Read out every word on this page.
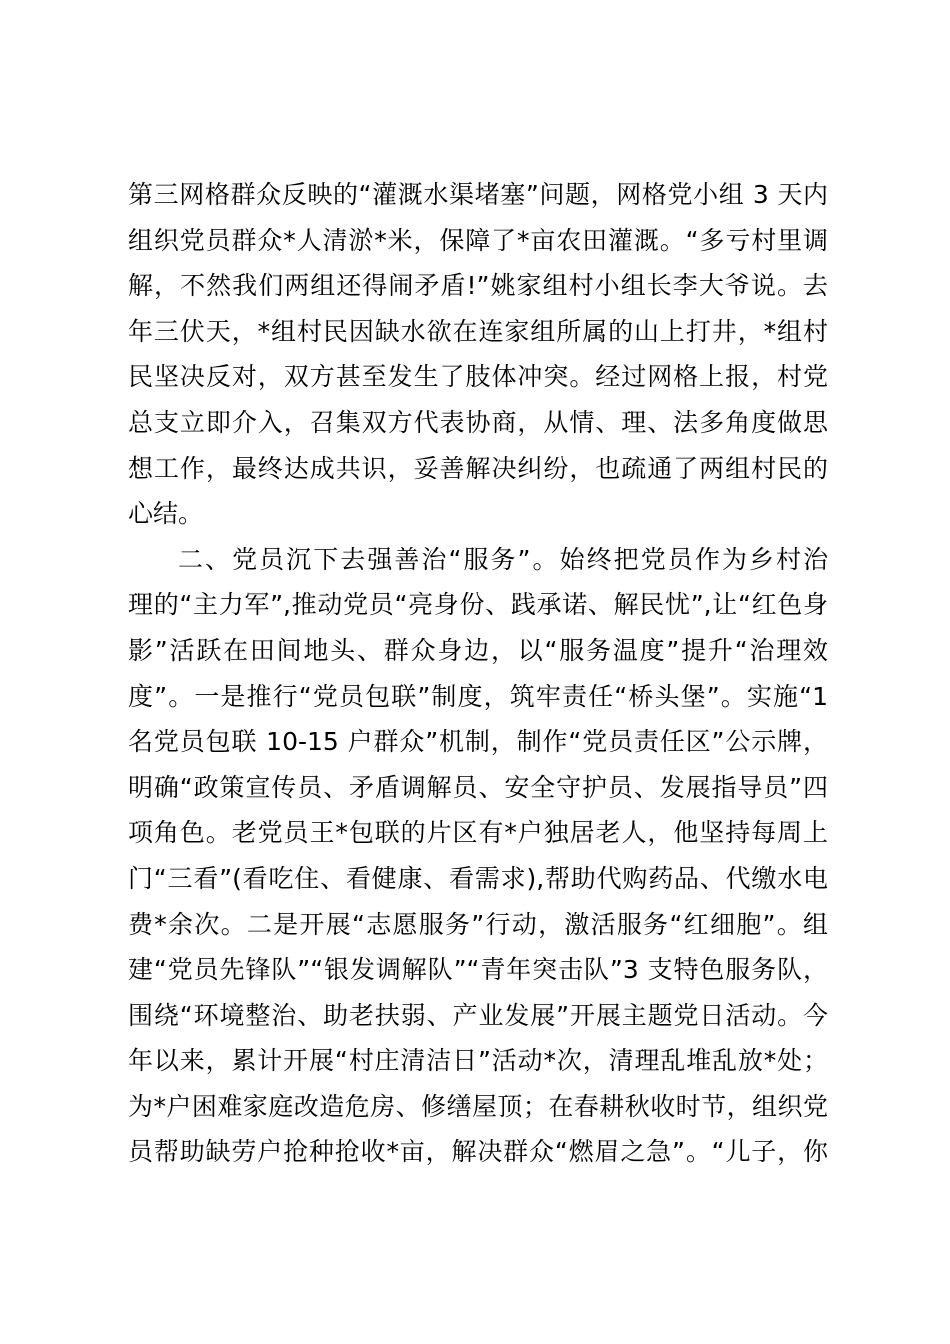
第三网格群众反映的“灌溉水渠堵塞”问题，网格党小组 3 天内
组织党员群众*人清淤*米，保障了*亩农田灌溉。“多亏村里调
解，不然我们两组还得闹矛盾!”姚家组村小组长李大爷说。去
年三伏天，*组村民因缺水欲在连家组所属的山上打井，*组村
民坚决反对，双方甚至发生了肢体冲突。经过网格上报，村党
总支立即介入，召集双方代表协商，从情、理、法多角度做思
想工作，最终达成共识，妥善解决纠纷，也疏通了两组村民的
心结。
二、党员沉下去强善治“服务”。始终把党员作为乡村治
理的“主力军”,推动党员“亮身份、践承诺、解民忧”,让“红色身
影”活跃在田间地头、群众身边，以“服务温度”提升“治理效
度”。一是推行“党员包联”制度，筑牢责任“桥头堡”。实施“1
名党员包联 10-15 户群众”机制，制作“党员责任区”公示牌，
明确“政策宣传员、矛盾调解员、安全守护员、发展指导员”四
项角色。老党员王*包联的片区有*户独居老人，他坚持每周上
门“三看”(看吃住、看健康、看需求),帮助代购药品、代缴水电
费*余次。二是开展“志愿服务”行动，激活服务“红细胞”。组
建“党员先锋队”“银发调解队”“青年突击队”3 支特色服务队，
围绕“环境整治、助老扶弱、产业发展”开展主题党日活动。今
年以来，累计开展“村庄清洁日”活动*次，清理乱堆乱放*处；
为*户困难家庭改造危房、修缮屋顶；在春耕秋收时节，组织党
员帮助缺劳户抢种抢收*亩，解决群众“燃眉之急”。“儿子，你
